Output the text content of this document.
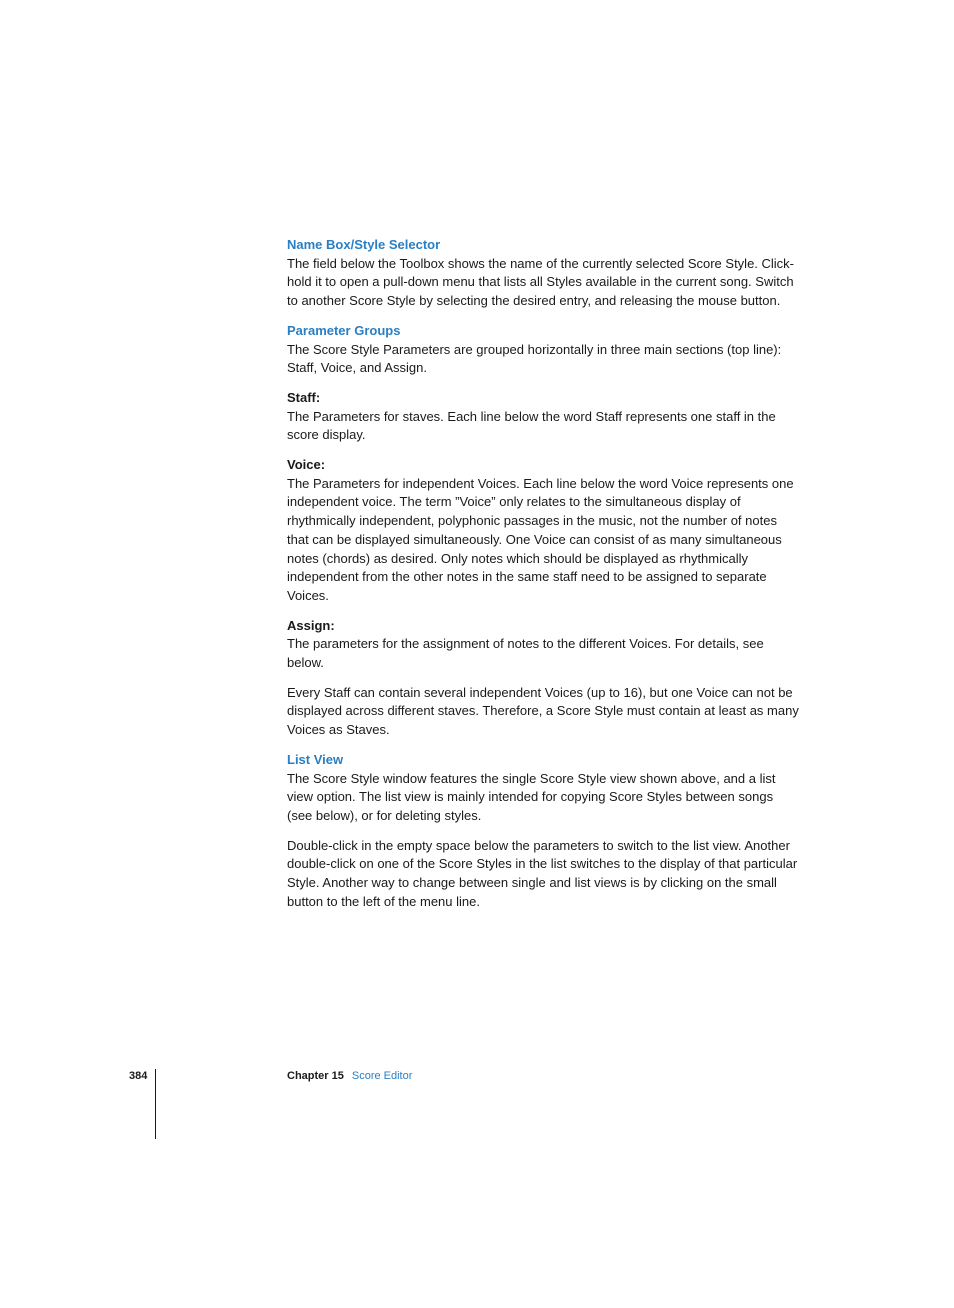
Name Box/Style Selector

The field below the Toolbox shows the name of the currently selected Score Style. Click-hold it to open a pull-down menu that lists all Styles available in the current song. Switch to another Score Style by selecting the desired entry, and releasing the mouse button.

Parameter Groups

The Score Style Parameters are grouped horizontally in three main sections (top line): Staff, Voice, and Assign.

Staff:

The Parameters for staves. Each line below the word Staff represents one staff in the score display.

Voice:

The Parameters for independent Voices. Each line below the word Voice represents one independent voice. The term ”Voice” only relates to the simultaneous display of rhythmically independent, polyphonic passages in the music, not the number of notes that can be displayed simultaneously. One Voice can consist of as many simultaneous notes (chords) as desired. Only notes which should be displayed as rhythmically independent from the other notes in the same staff need to be assigned to separate Voices.

Assign:

The parameters for the assignment of notes to the different Voices. For details, see below.

Every Staff can contain several independent Voices (up to 16), but one Voice can not be displayed across different staves. Therefore, a Score Style must contain at least as many Voices as Staves.

List View

The Score Style window features the single Score Style view shown above, and a list view option. The list view is mainly intended for copying Score Styles between songs (see below), or for deleting styles.

Double-click in the empty space below the parameters to switch to the list view. Another double-click on one of the Score Styles in the list switches to the display of that particular Style. Another way to change between single and list views is by clicking on the small button to the left of the menu line.

384	Chapter 15 Score Editor
